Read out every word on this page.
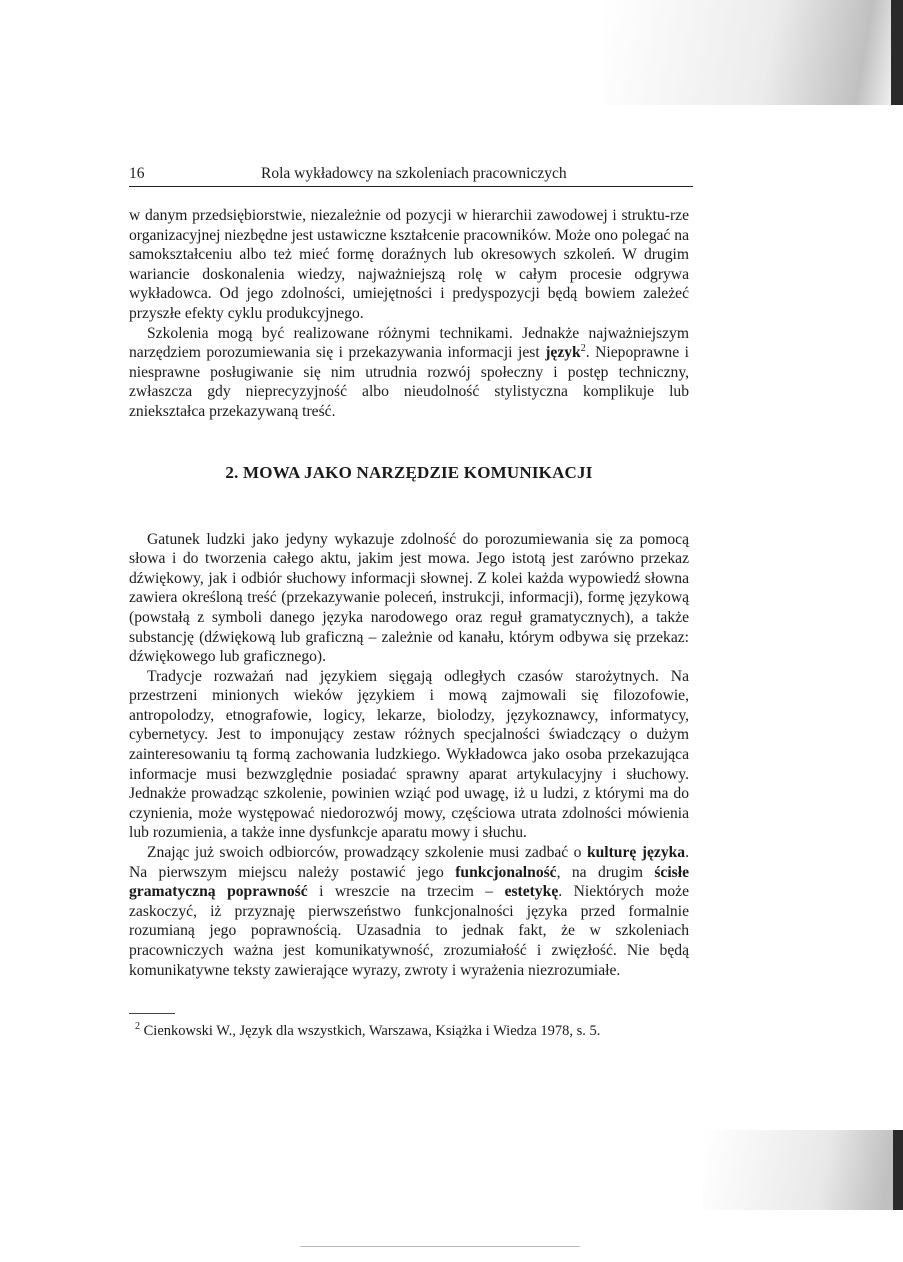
16	Rola wykładowcy na szkoleniach pracowniczych

w danym przedsiębiorstwie, niezależnie od pozycji w hierarchii zawodowej i struktu-rze organizacyjnej niezbędne jest ustawiczne kształcenie pracowników. Może ono polegać na samokształceniu albo też mieć formę doraźnych lub okresowych szkoleń. W drugim wariancie doskonalenia wiedzy, najważniejszą rolę w całym procesie odgrywa wykładowca. Od jego zdolności, umiejętności i predyspozycji będą bowiem zależeć przyszłe efekty cyklu produkcyjnego.

Szkolenia mogą być realizowane różnymi technikami. Jednakże najważniejszym narzędziem porozumiewania się i przekazywania informacji jest język$^2$. Niepoprawne i niesprawne posługiwanie się nim utrudnia rozwój społeczny i postęp techniczny, zwłaszcza gdy nieprecyzyjność albo nieudolność stylistyczna komplikuje lub zniekształca przekazywaną treść.

2. MOWA JAKO NARZĘDZIE KOMUNIKACJI

Gatunek ludzki jako jedyny wykazuje zdolność do porozumiewania się za pomocą słowa i do tworzenia całego aktu, jakim jest mowa. Jego istotą jest zarówno przekaz dźwiękowy, jak i odbiór słuchowy informacji słownej. Z kolei każda wypowiedź słowna zawiera określoną treść (przekazywanie poleceń, instrukcji, informacji), formę językową (powstałą z symboli danego języka narodowego oraz reguł gramatycznych), a także substancję (dźwiękową lub graficzną – zależnie od kanału, którym odbywa się przekaz: dźwiękowego lub graficznego).

Tradycje rozważań nad językiem sięgają odległych czasów starożytnych. Na przestrzeni minionych wieków językiem i mową zajmowali się filozofowie, antropolodzy, etnografowie, logicy, lekarze, biolodzy, językoznawcy, informatycy, cybernetycy. Jest to imponujący zestaw różnych specjalności świadczący o dużym zainteresowaniu tą formą zachowania ludzkiego. Wykładowca jako osoba przekazująca informacje musi bezwzględnie posiadać sprawny aparat artykulacyjny i słuchowy. Jednakże prowadząc szkolenie, powinien wziąć pod uwagę, iż u ludzi, z którymi ma do czynienia, może występować niedorozwój mowy, częściowa utrata zdolności mówienia lub rozumienia, a także inne dysfunkcje aparatu mowy i słuchu.

Znając już swoich odbiorców, prowadzący szkolenie musi zadbać o kulturę języka. Na pierwszym miejscu należy postawić jego funkcjonalność, na drugim ścisłe gramatyczną poprawność i wreszcie na trzecim – estetykę. Niektórych może zaskoczyć, iż przyznaję pierwszeństwo funkcjonalności języka przed formalnie rozumianą jego poprawnością. Uzasadnia to jednak fakt, że w szkoleniach pracowniczych ważna jest komunikatywność, zrozumiałość i zwięzłość. Nie będą komunikatywne teksty zawierające wyrazy, zwroty i wyrażenia niezrozumiałe.

$^2$ Cienkowski W., Język dla wszystkich, Warszawa, Książka i Wiedza 1978, s. 5.
